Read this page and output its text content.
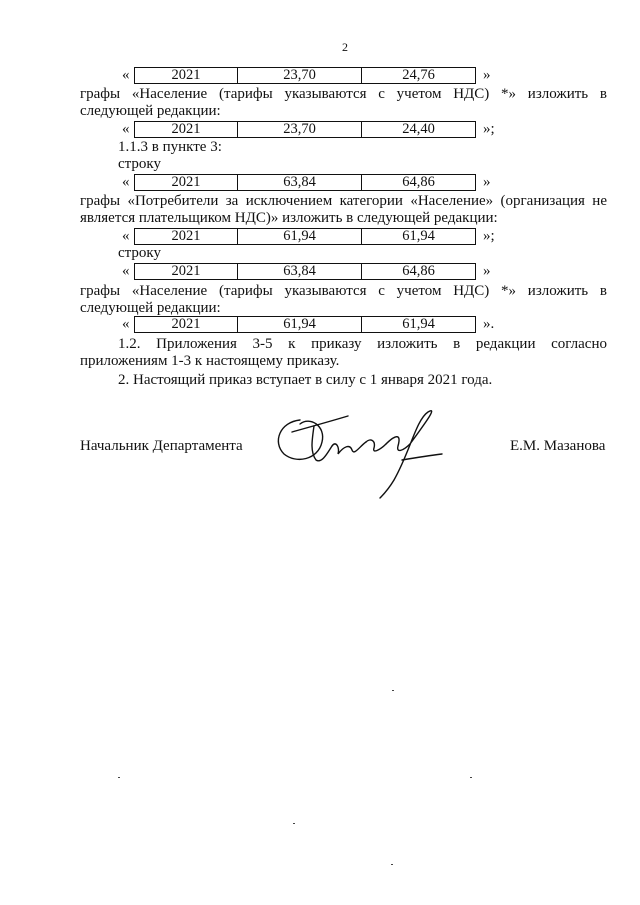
2
«	2021	23,70	24,76	»
графы «Население (тарифы указываются с учетом НДС) *» изложить в
следующей редакции:
«	2021	23,70	24,40	»;
1.1.3 в пункте 3:
строку
«	2021	63,84	64,86	»
графы «Потребители за исключением категории «Население» (организация не
является плательщиком НДС)» изложить в следующей редакции:
«	2021	61,94	61,94	»;
строку
«	2021	63,84	64,86	»
графы «Население (тарифы указываются с учетом НДС) *» изложить в
следующей редакции:
«	2021	61,94	61,94	».
1.2. Приложения 3-5 к приказу изложить в редакции согласно
приложениям 1-3 к настоящему приказу.
2. Настоящий приказ вступает в силу с 1 января 2021 года.
Начальник Департамента	Е.М. Мазанова
